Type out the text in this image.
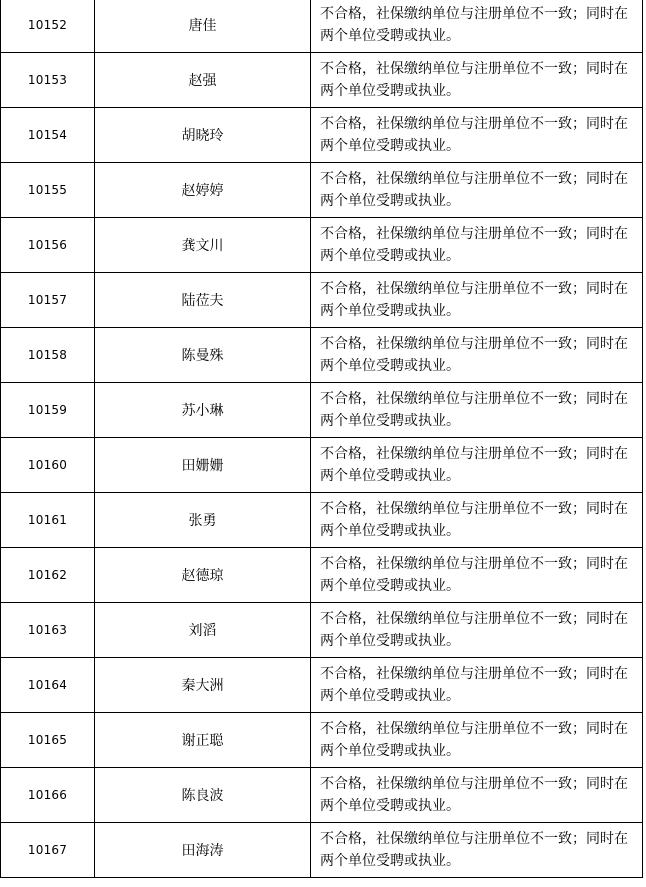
10152	唐佳
不合格，社保缴纳单位与注册单位不一致；同时在两个单位受聘或执业。
10153	赵强
不合格，社保缴纳单位与注册单位不一致；同时在两个单位受聘或执业。
10154	胡晓玲
不合格，社保缴纳单位与注册单位不一致；同时在两个单位受聘或执业。
10155	赵婷婷
不合格，社保缴纳单位与注册单位不一致；同时在两个单位受聘或执业。
10156	龚文川
不合格，社保缴纳单位与注册单位不一致；同时在两个单位受聘或执业。
10157	陆莅夫
不合格，社保缴纳单位与注册单位不一致；同时在两个单位受聘或执业。
10158	陈曼殊
不合格，社保缴纳单位与注册单位不一致；同时在两个单位受聘或执业。
10159	苏小琳
不合格，社保缴纳单位与注册单位不一致；同时在两个单位受聘或执业。
10160	田姗姗
不合格，社保缴纳单位与注册单位不一致；同时在两个单位受聘或执业。
10161	张勇
不合格，社保缴纳单位与注册单位不一致；同时在两个单位受聘或执业。
10162	赵德琼
不合格，社保缴纳单位与注册单位不一致；同时在两个单位受聘或执业。
10163	刘滔
不合格，社保缴纳单位与注册单位不一致；同时在两个单位受聘或执业。
10164	秦大洲
不合格，社保缴纳单位与注册单位不一致；同时在两个单位受聘或执业。
10165	谢正聪
不合格，社保缴纳单位与注册单位不一致；同时在两个单位受聘或执业。
10166	陈良波
不合格，社保缴纳单位与注册单位不一致；同时在两个单位受聘或执业。
10167	田海涛
不合格，社保缴纳单位与注册单位不一致；同时在两个单位受聘或执业。
